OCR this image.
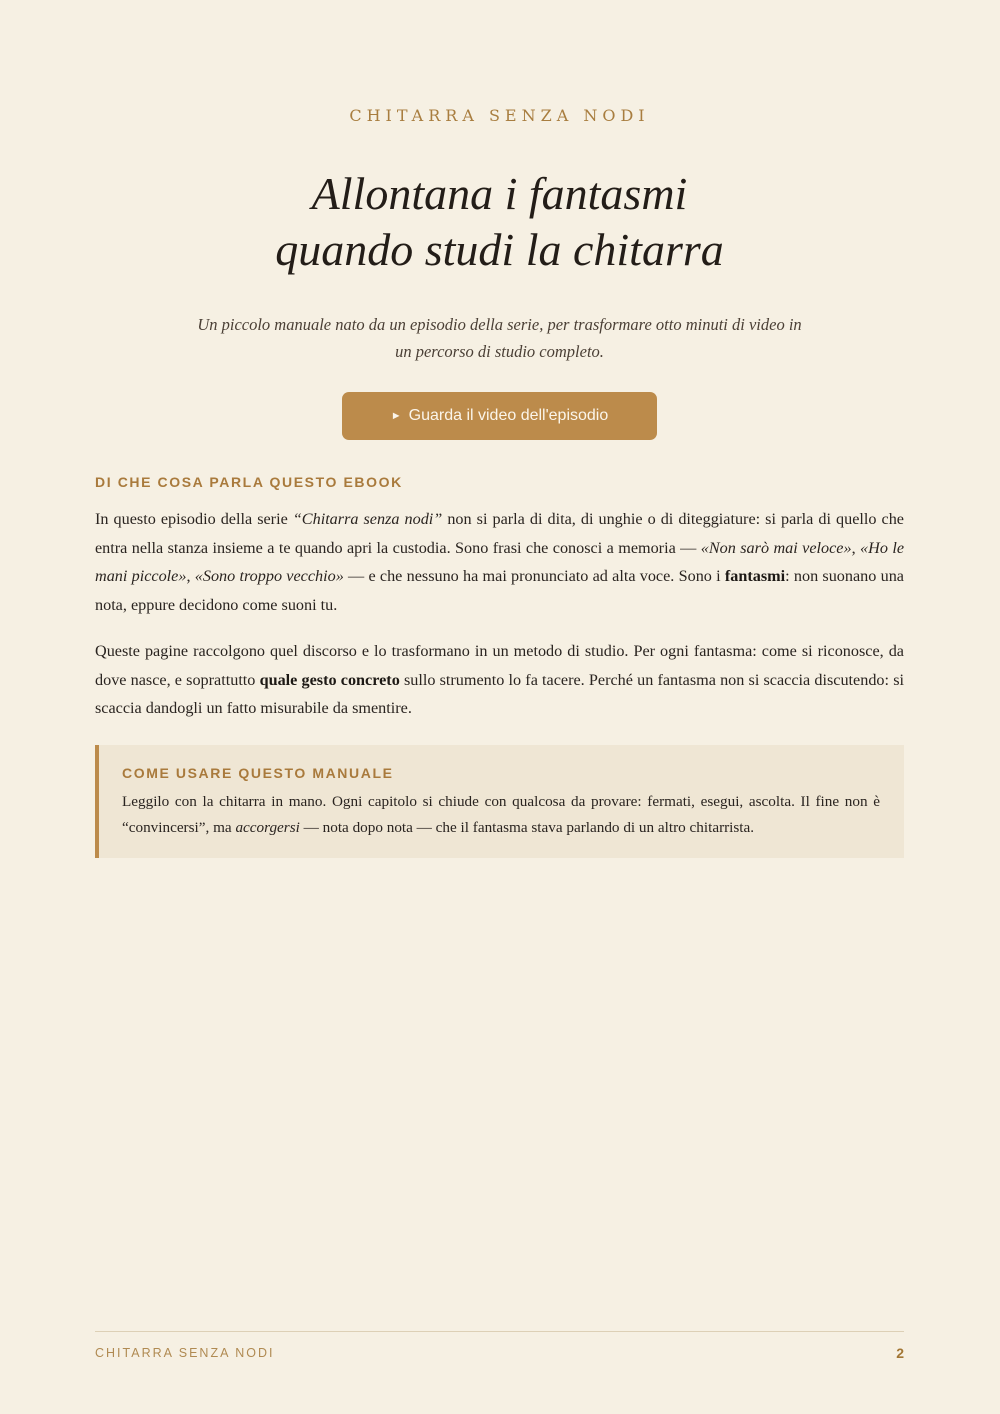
CHITARRA SENZA NODI
Allontana i fantasmi
quando studi la chitarra
Un piccolo manuale nato da un episodio della serie, per trasformare otto minuti di video in un percorso di studio completo.
► Guarda il video dell'episodio
DI CHE COSA PARLA QUESTO EBOOK

In questo episodio della serie “Chitarra senza nodi” non si parla di dita, di unghie o di diteggiature: si parla di quello che entra nella stanza insieme a te quando apri la custodia. Sono frasi che conosci a memoria — «Non sarò mai veloce», «Ho le mani piccole», «Sono troppo vecchio» — e che nessuno ha mai pronunciato ad alta voce. Sono i fantasmi: non suonano una nota, eppure decidono come suoni tu.

Queste pagine raccolgono quel discorso e lo trasformano in un metodo di studio. Per ogni fantasma: come si riconosce, da dove nasce, e soprattutto quale gesto concreto sullo strumento lo fa tacere. Perché un fantasma non si scaccia discutendo: si scaccia dandogli un fatto misurabile da smentire.

COME USARE QUESTO MANUALE
Leggilo con la chitarra in mano. Ogni capitolo si chiude con qualcosa da provare: fermati, esegui, ascolta. Il fine non è “convincersi”, ma accorgersi — nota dopo nota — che il fantasma stava parlando di un altro chitarrista.
CHITARRA SENZA NODI	2
